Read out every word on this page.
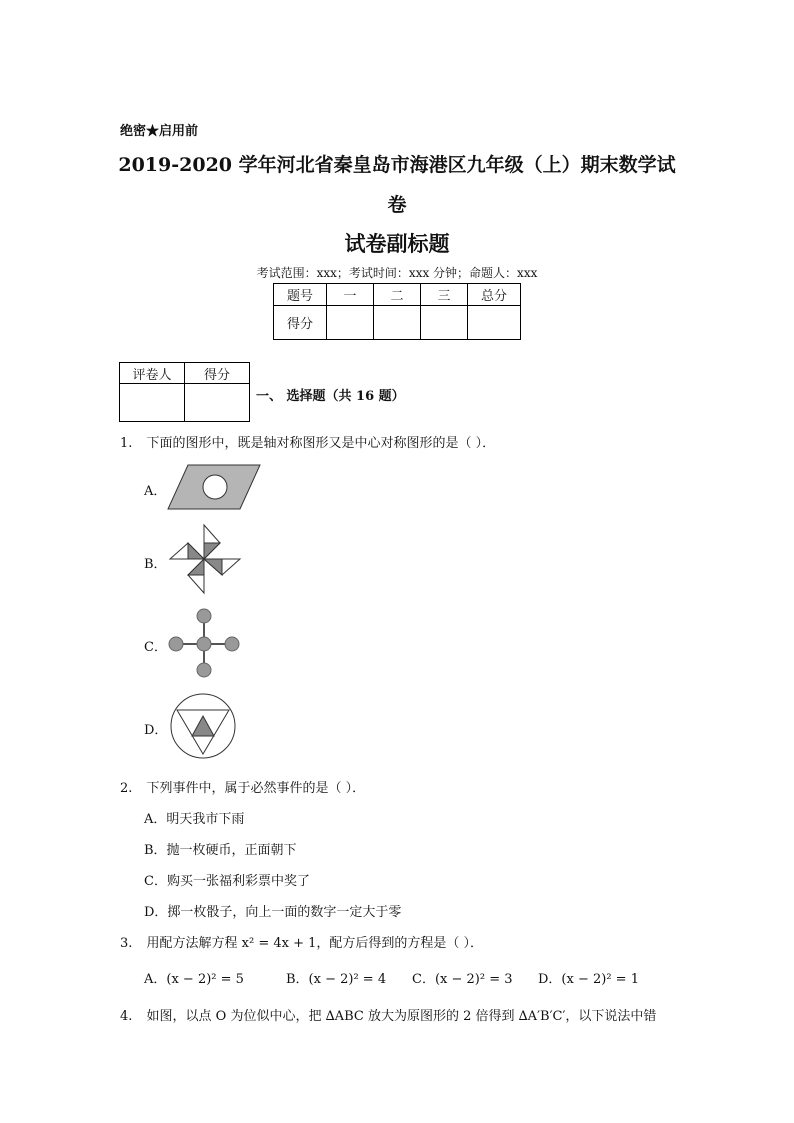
绝密★启用前
2019-2020 学年河北省秦皇岛市海港区九年级（上）期末数学试
卷
试卷副标题
考试范围：xxx；考试时间：xxx 分钟；命题人：xxx
题号	一	二	三	总分
得分				
评卷人	得分

一、 选择题（共 16 题）
1. 下面的图形中，既是轴对称图形又是中心对称图形的是（ ）．
A．
B．
C．
D．
2. 下列事件中，属于必然事件的是（ ）．
A．明天我市下雨
B．抛一枚硬币，正面朝下
C．购买一张福利彩票中奖了
D．掷一枚骰子，向上一面的数字一定大于零
3. 用配方法解方程 x² = 4x + 1，配方后得到的方程是（ ）．
A．(x − 2)² = 5	B．(x − 2)² = 4 C．(x − 2)² = 3 D．(x − 2)² = 1
4. 如图，以点 O 为位似中心，把 ∆ABC 放大为原图形的 2 倍得到 ∆A′B′C′，以下说法中错
